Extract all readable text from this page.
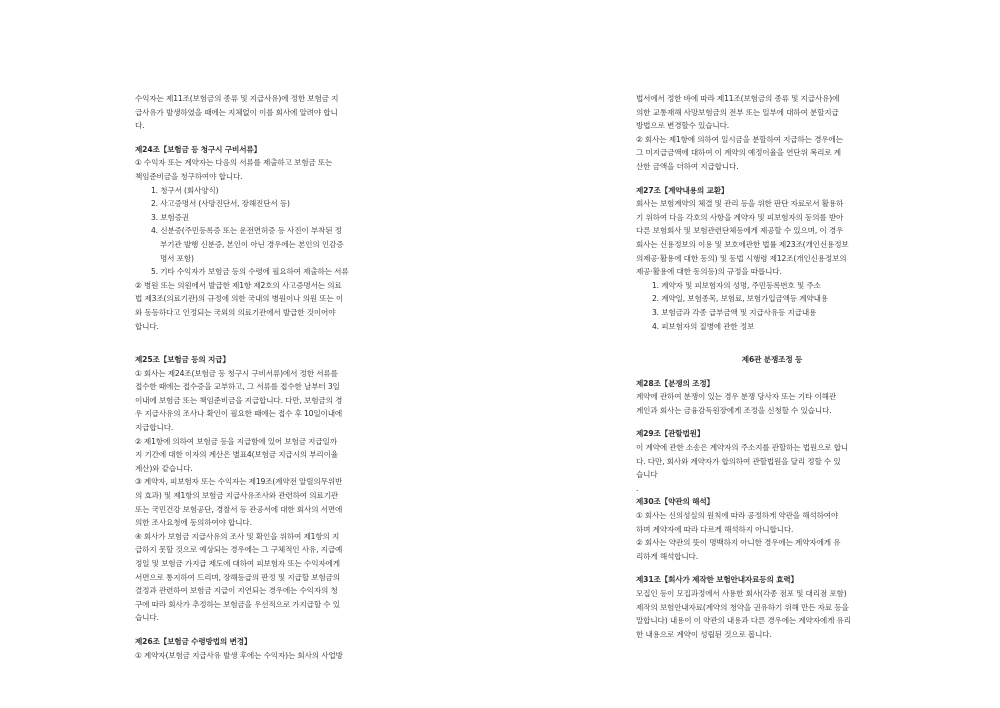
수익자는 제11조(보험금의 종류 및 지급사유)에 정한 보험금 지
급사유가 발생하였을 때에는 지체없이 이를 회사에 알려야 합니
다.
제24조【보험금 등 청구시 구비서류】
① 수익자 또는 계약자는 다음의 서류를 제출하고 보험금 또는
책임준비금을 청구하여야 합니다.
1. 청구서 (회사양식)
2. 사고증명서 (사망진단서, 장해진단서 등)
3. 보험증권
4. 신분증(주민등록증 또는 운전면허증 등 사진이 부착된 정
부기관 발행 신분증, 본인이 아닌 경우에는 본인의 인감증
명서 포함)
5. 기타 수익자가 보험금 등의 수령에 필요하여 제출하는 서류
② 병원 또는 의원에서 발급한 제1항 제2호의 사고증명서는 의료
법 제3조(의료기관)의 규정에 의한 국내의 병원이나 의원 또는 이
와 동등하다고 인정되는 국외의 의료기관에서 발급한 것이어야
합니다.
제25조【보험금 등의 지급】
① 회사는 제24조(보험금 등 청구시 구비서류)에서 정한 서류를
접수한 때에는 접수증을 교부하고, 그 서류를 접수한 날부터 3일
이내에 보험금 또는 책임준비금을 지급합니다. 다만, 보험금의 경
우 지급사유의 조사나 확인이 필요한 때에는 접수 후 10일이내에
지급합니다.
② 제1항에 의하여 보험금 등을 지급함에 있어 보험금 지급일까
지 기간에 대한 이자의 계산은 별표4(보험금 지급시의 부리이율
계산)와 같습니다.
③ 계약자, 피보험자 또는 수익자는 제19조(계약전 알릴의무위반
의 효과) 및 제1항의 보험금 지급사유조사와 관련하여 의료기관
또는 국민건강 보험공단, 경찰서 등 관공서에 대한 회사의 서면에
의한 조사요청에 동의하여야 합니다.
④ 회사가 보험금 지급사유의 조사 및 확인을 위하여 제1항의 지
급하지 못할 것으로 예상되는 경우에는 그 구체적인 사유, 지급예
정일 및 보험금 가지급 제도에 대하여 피보험자 또는 수익자에게
서면으로 통지하여 드리며, 장해등급의 판정 및 지급할 보험금의
결정과 관련하여 보험금 지급이 지연되는 경우에는 수익자의 청
구에 따라 회사가 추정하는 보험금을 우선적으로 가지급할 수 있
습니다.
제26조【보험금 수령방법의 변경】
① 계약자(보험금 지급사유 발생 후에는 수익자)는 회사의 사업방
법서에서 정한 바에 따라 제11조(보험금의 종류 및 지급사유)에
의한 교통재해 사망보험금의 전부 또는 일부에 대하여 분할지급
방법으로 변경할수 있습니다.
② 회사는 제1항에 의하여 일시금을 분할하여 지급하는 경우에는
그 미지급금액에 대하여 이 계약의 예정이율을 연단위 복리로 계
산한 금액을 더하여 지급합니다.
제27조【계약내용의 교환】
회사는 보험계약의 체결 및 관리 등을 위한 판단 자료로서 활용하
기 위하여 다음 각호의 사항을 계약자 및 피보험자의 동의를 받아
다른 보험회사 및 보험관련단체등에게 제공할 수 있으며, 이 경우
회사는 신용정보의 이용 및 보호에관한 법률 제23조(개인신용정보
의제공·활용에 대한 동의) 및 동법 시행령 제12조(개인신용정보의
제공·활용에 대한 동의등)의 규정을 따릅니다.
1. 계약자 및 피보험자의 성명, 주민등록번호 및 주소
2. 계약일, 보험종목, 보험료, 보험가입금액등 계약내용
3. 보험금과 각종 급부금액 및 지급사유등 지급내용
4. 피보험자의 질병에 관한 정보
제6관 분쟁조정 등
제28조【분쟁의 조정】
계약에 관하여 분쟁이 있는 경우 분쟁 당사자 또는 기타 이해관
계인과 회사는 금융감독원장에게 조정을 신청할 수 있습니다.
제29조【관할법원】
이 계약에 관한 소송은 계약자의 주소지를 관할하는 법원으로 합니
다. 다만, 회사와 계약자가 합의하여 관할법원을 달리 정할 수 있
습니다
.
제30조【약관의 해석】
① 회사는 신의성실의 원칙에 따라 공정하게 약관을 해석하여야
하며 계약자에 따라 다르게 해석하지 아니합니다.
② 회사는 약관의 뜻이 명백하지 아니한 경우에는 계약자에게 유
리하게 해석합니다.
제31조【회사가 제작한 보험안내자료등의 효력】
모집인 등이 모집과정에서 사용한 회사(각종 점포 및 대리점 포함)
제작의 보험안내자료(계약의 청약을 권유하기 위해 만든 자료 등을
말합니다) 내용이 이 약관의 내용과 다른 경우에는 계약자에게 유리
한 내용으로 계약이 성립된 것으로 봅니다.
